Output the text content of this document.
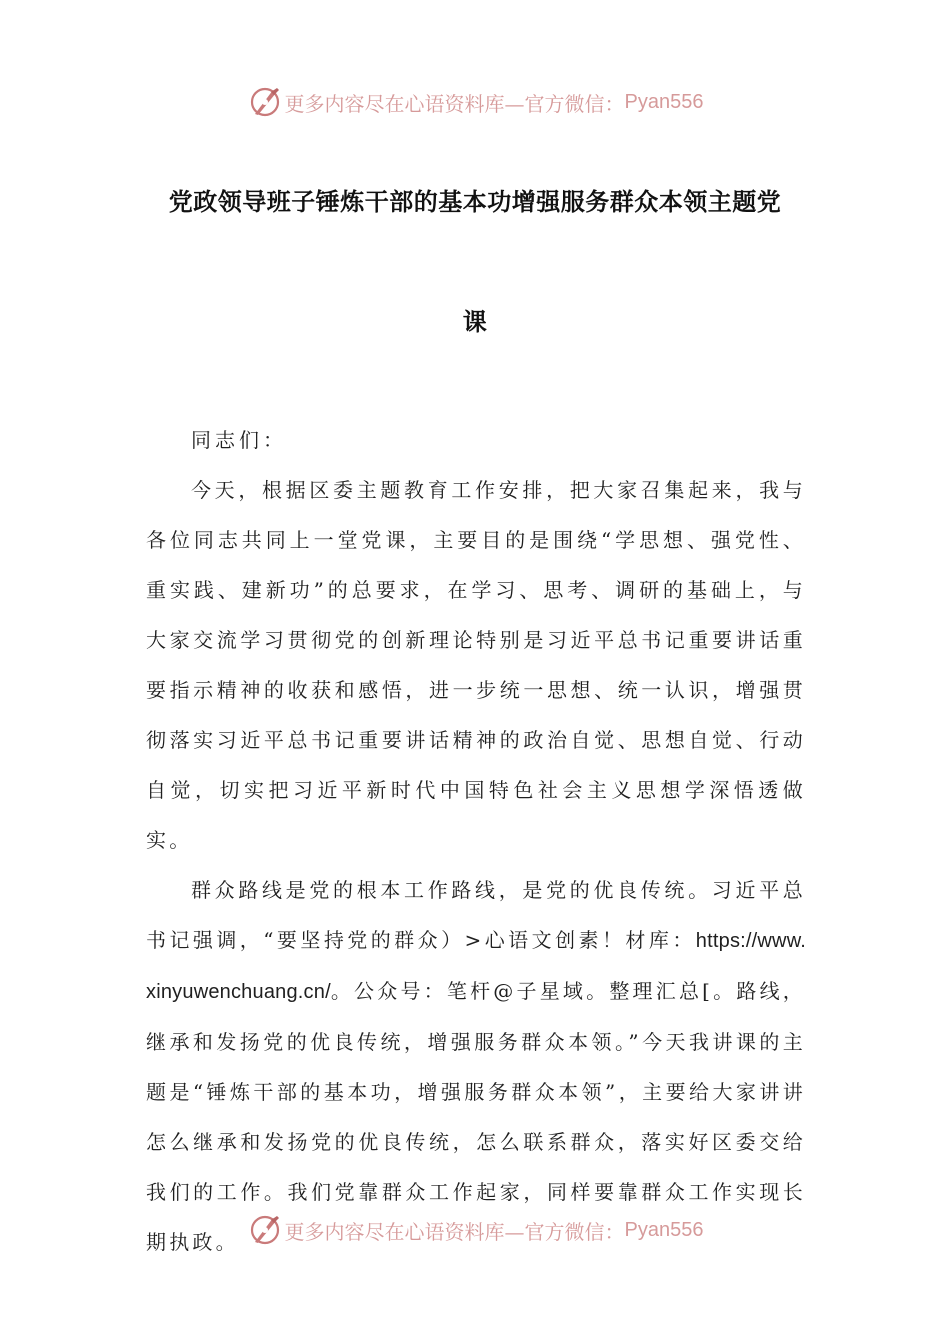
更多内容尽在心语资料库—官方微信： Pyan556
党政领导班子锤炼干部的基本功增强服务群众本领主题党
课

同志们：

今天，根据区委主题教育工作安排，把大家召集起来，我与各位同志共同上一堂党课，主要目的是围绕“学思想、强党性、重实践、建新功”的总要求，在学习、思考、调研的基础上，与大家交流学习贯彻党的创新理论特别是习近平总书记重要讲话重要指示精神的收获和感悟，进一步统一思想、统一认识，增强贯彻落实习近平总书记重要讲话精神的政治自觉、思想自觉、行动自觉，切实把习近平新时代中国特色社会主义思想学深悟透做实。

群众路线是党的根本工作路线，是党的优良传统。习近平总书记强调，“要坚持党的群众）>心语文创素！材库：https://www.xinyuwenchuang.cn/。公众号：笔杆@子星域。整理汇总[。路线，继承和发扬党的优良传统，增强服务群众本领。”今天我讲课的主题是“锤炼干部的基本功，增强服务群众本领”，主要给大家讲讲怎么继承和发扬党的优良传统，怎么联系群众，落实好区委交给我们的工作。我们党靠群众工作起家，同样要靠群众工作实现长期执政。	更多内容尽在心语资料库—官方微信： Pyan556
